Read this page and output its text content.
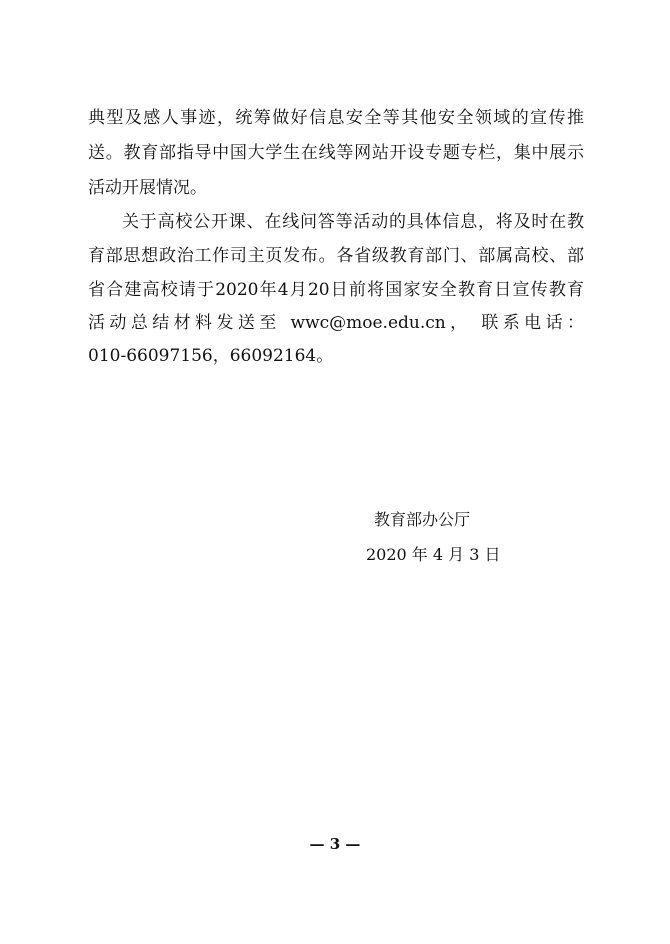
典型及感人事迹，统筹做好信息安全等其他安全领域的宣传推
送。教育部指导中国大学生在线等网站开设专题专栏，集中展示
活动开展情况。
关于高校公开课、在线问答等活动的具体信息，将及时在教
育部思想政治工作司主页发布。各省级教育部门、部属高校、部
省合建高校请于2020年4月20日前将国家安全教育日宣传教育
活动总结材料发送至 wwc@moe.edu.cn， 联系电话：
010-66097156，66092164。
教育部办公厅
2020 年 4 月 3 日
— 3 —
